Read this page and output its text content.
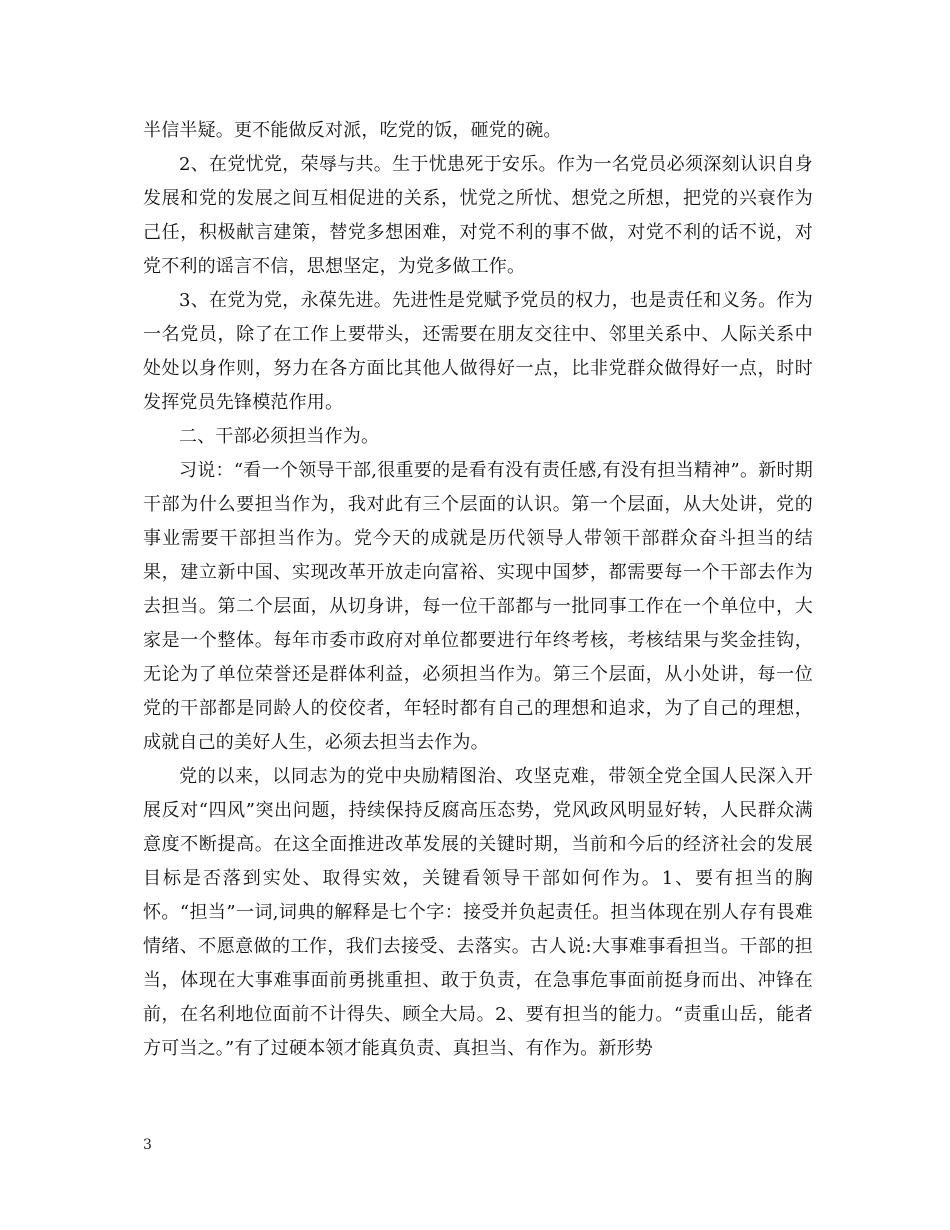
半信半疑。更不能做反对派，吃党的饭，砸党的碗。

2、在党忧党，荣辱与共。生于忧患死于安乐。作为一名党员必须深刻认识自身发展和党的发展之间互相促进的关系，忧党之所忧、想党之所想，把党的兴衰作为己任，积极献言建策，替党多想困难，对党不利的事不做，对党不利的话不说，对党不利的谣言不信，思想坚定，为党多做工作。

3、在党为党，永葆先进。先进性是党赋予党员的权力，也是责任和义务。作为一名党员，除了在工作上要带头，还需要在朋友交往中、邻里关系中、人际关系中处处以身作则，努力在各方面比其他人做得好一点，比非党群众做得好一点，时时发挥党员先锋模范作用。

二、干部必须担当作为。

习说：“看一个领导干部,很重要的是看有没有责任感,有没有担当精神”。新时期干部为什么要担当作为，我对此有三个层面的认识。第一个层面，从大处讲，党的事业需要干部担当作为。党今天的成就是历代领导人带领干部群众奋斗担当的结果，建立新中国、实现改革开放走向富裕、实现中国梦，都需要每一个干部去作为去担当。第二个层面，从切身讲，每一位干部都与一批同事工作在一个单位中，大家是一个整体。每年市委市政府对单位都要进行年终考核，考核结果与奖金挂钩，无论为了单位荣誉还是群体利益，必须担当作为。第三个层面，从小处讲，每一位党的干部都是同龄人的佼佼者，年轻时都有自己的理想和追求，为了自己的理想，成就自己的美好人生，必须去担当去作为。

党的以来，以同志为的党中央励精图治、攻坚克难，带领全党全国人民深入开展反对“四风”突出问题，持续保持反腐高压态势，党风政风明显好转，人民群众满意度不断提高。在这全面推进改革发展的关键时期，当前和今后的经济社会的发展目标是否落到实处、取得实效，关键看领导干部如何作为。1、要有担当的胸怀。“担当”一词,词典的解释是七个字：接受并负起责任。担当体现在别人存有畏难情绪、不愿意做的工作，我们去接受、去落实。古人说:大事难事看担当。干部的担当，体现在大事难事面前勇挑重担、敢于负责，在急事危事面前挺身而出、冲锋在前，在名利地位面前不计得失、顾全大局。2、要有担当的能力。“责重山岳，能者方可当之。”有了过硬本领才能真负责、真担当、有作为。新形势

3
